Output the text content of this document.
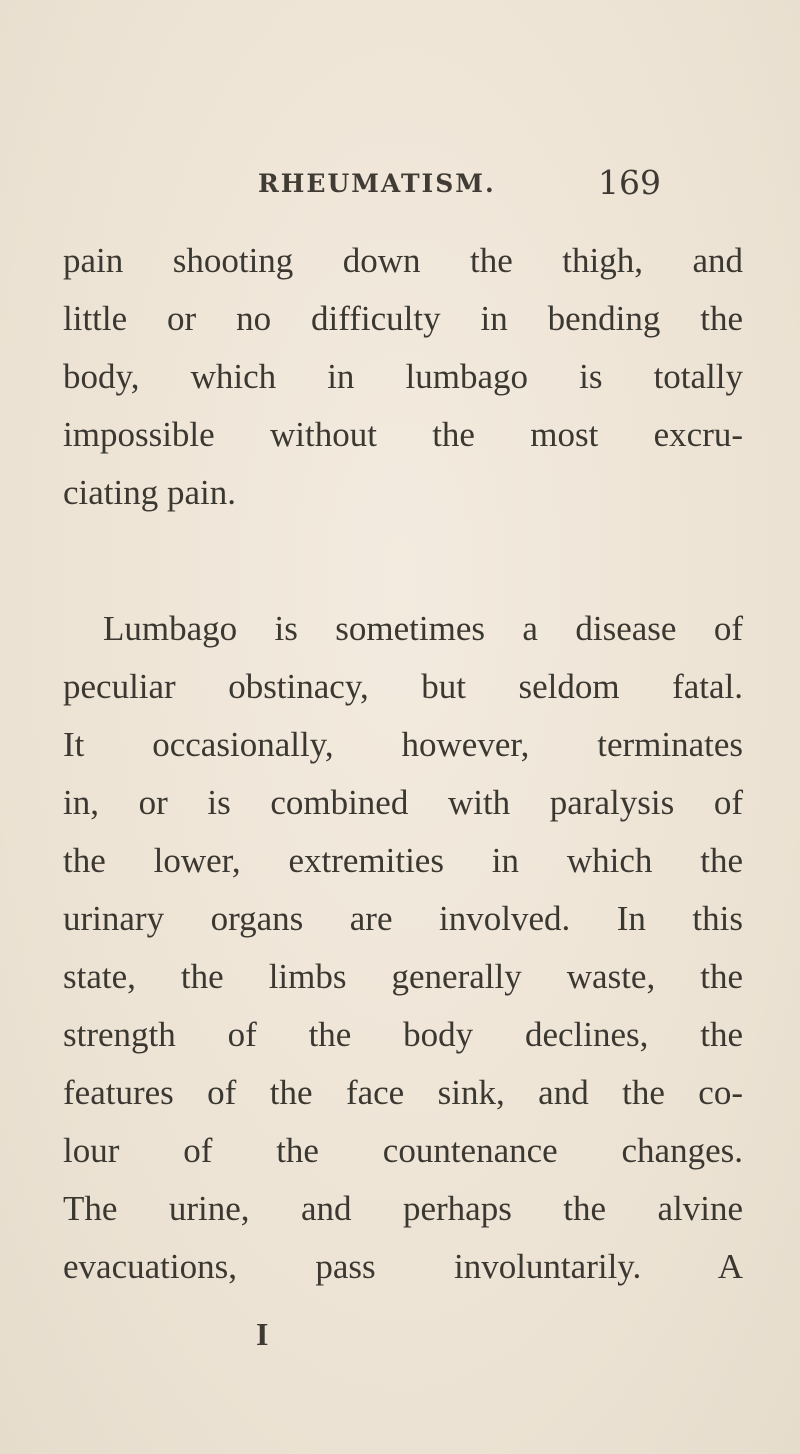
RHEUMATISM.	169
pain shooting down the thigh, and
little or no difficulty in bending the
body, which in lumbago is totally
impossible without the most excru-
ciating pain.
Lumbago is sometimes a disease of
peculiar obstinacy, but seldom fatal.
It occasionally, however, terminates
in, or is combined with paralysis of
the lower, extremities in which the
urinary organs are involved. In this
state, the limbs generally waste, the
strength of the body declines, the
features of the face sink, and the co-
lour of the countenance changes.
The urine, and perhaps the alvine
evacuations, pass involuntarily. A
I
